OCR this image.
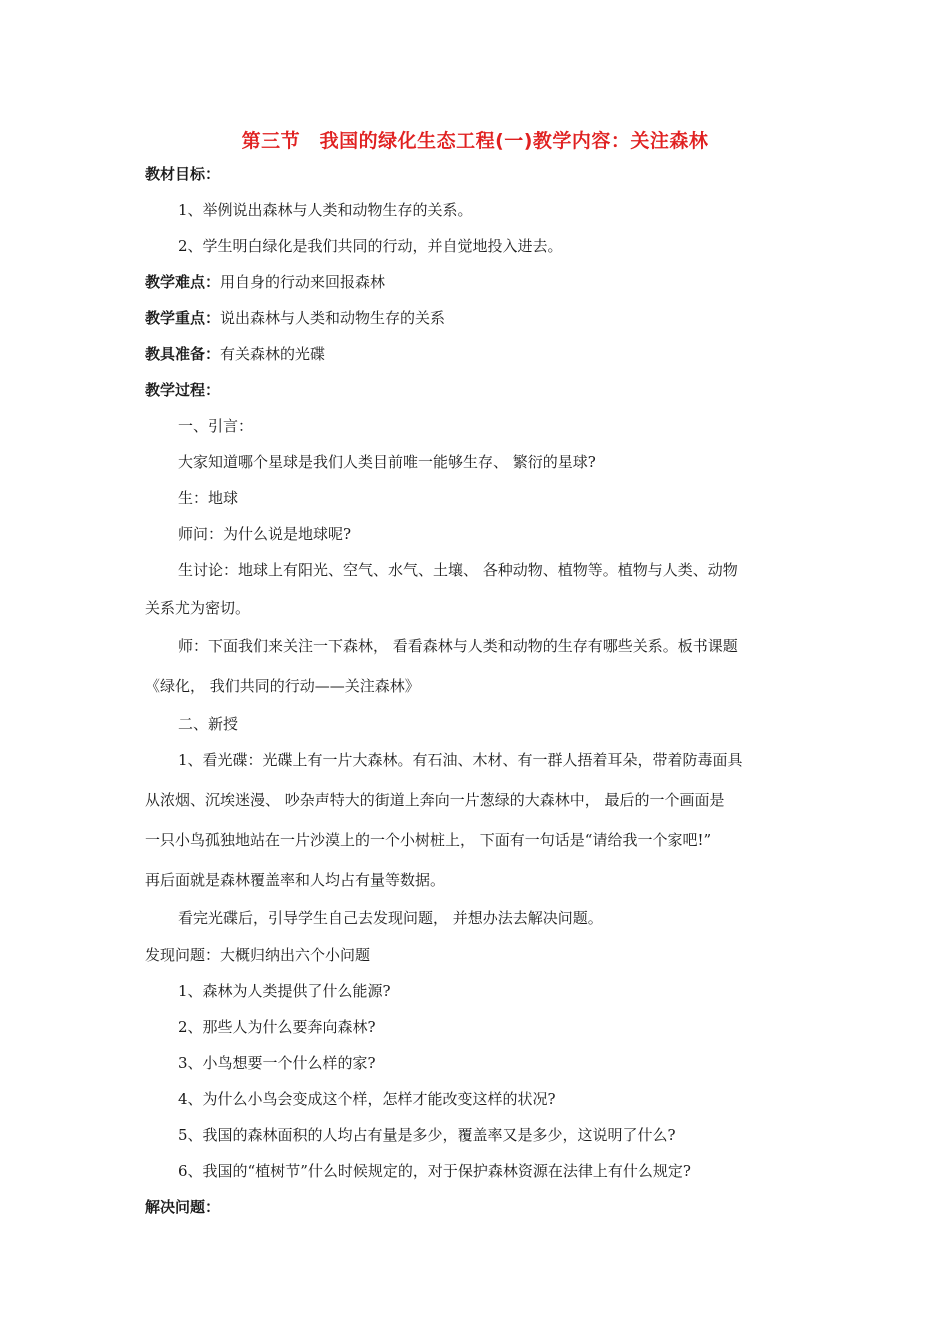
第三节　我国的绿化生态工程(一)教学内容：关注森林
教材目标：
1、举例说出森林与人类和动物生存的关系。
2、学生明白绿化是我们共同的行动，并自觉地投入进去。
教学难点：用自身的行动来回报森林
教学重点：说出森林与人类和动物生存的关系
教具准备：有关森林的光碟
教学过程：
一、引言：
大家知道哪个星球是我们人类目前唯一能够生存、 繁衍的星球?
生：地球
师问：为什么说是地球呢?
生讨论：地球上有阳光、空气、水气、土壤、 各种动物、植物等。植物与人类、动物
关系尤为密切。
师：下面我们来关注一下森林， 看看森林与人类和动物的生存有哪些关系。板书课题
《绿化， 我们共同的行动——关注森林》
二、新授
1、看光碟：光碟上有一片大森林。有石油、木材、有一群人捂着耳朵，带着防毒面具
从浓烟、沉埃迷漫、 吵杂声特大的街道上奔向一片葱绿的大森林中， 最后的一个画面是
一只小鸟孤独地站在一片沙漠上的一个小树桩上， 下面有一句话是“请给我一个家吧!”
再后面就是森林覆盖率和人均占有量等数据。
看完光碟后，引导学生自己去发现问题， 并想办法去解决问题。
发现问题：大概归纳出六个小问题
1、森林为人类提供了什么能源?
2、那些人为什么要奔向森林?
3、小鸟想要一个什么样的家?
4、为什么小鸟会变成这个样，怎样才能改变这样的状况?
5、我国的森林面积的人均占有量是多少，覆盖率又是多少，这说明了什么?
6、我国的“植树节”什么时候规定的，对于保护森林资源在法律上有什么规定?
解决问题：
